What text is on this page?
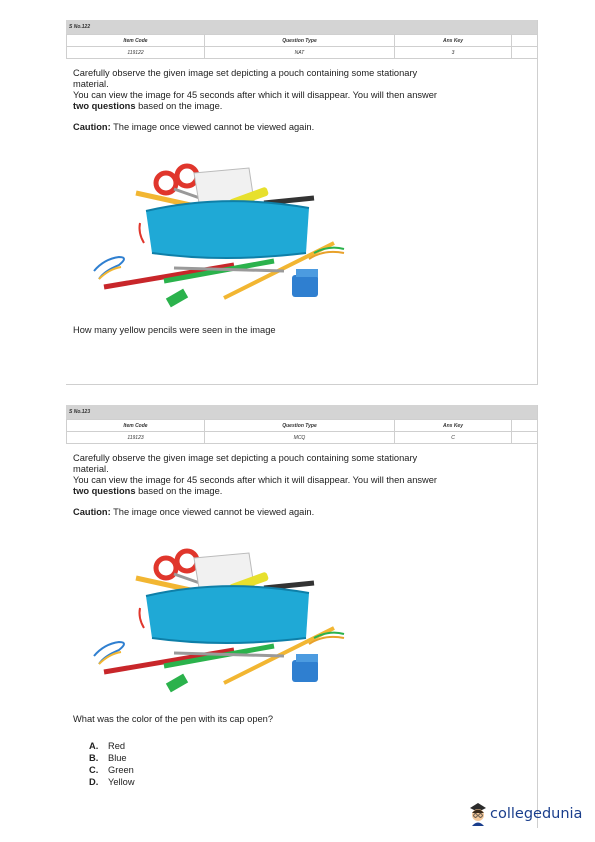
S No.122
Item Code	Question Type	Ans Key	
119122	NAT	3	

Carefully observe the given image set depicting a pouch containing some stationary material.

You can view the image for 45 seconds after which it will disappear. You will then answer two questions based on the image.

Caution: The image once viewed cannot be viewed again.

How many yellow pencils were seen in the image
S No.123
Item Code	Question Type	Ans Key	
119123	MCQ	C	

Carefully observe the given image set depicting a pouch containing some stationary material.

You can view the image for 45 seconds after which it will disappear. You will then answer two questions based on the image.

Caution: The image once viewed cannot be viewed again.

What was the color of the pen with its cap open?
A. Red
B. Blue
C. Green
D. Yellow
collegedunia
